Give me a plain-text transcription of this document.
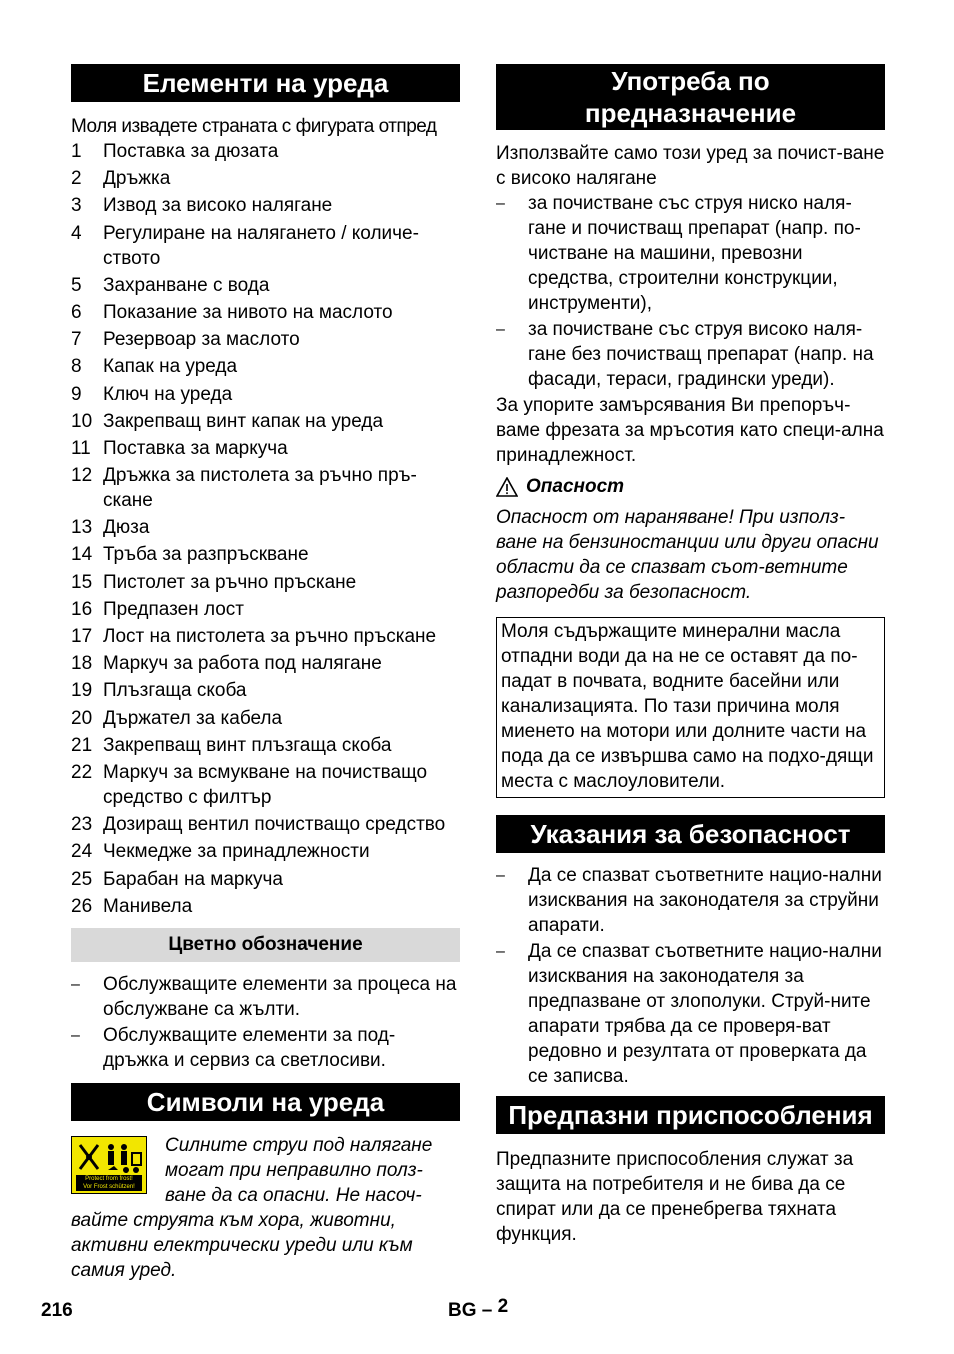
Елементи на уреда

Моля извадете страната с фигурата отпред

1	Поставка за дюзата
2	Дръжка
3	Извод за високо налягане
4	Регулиране на налягането / количе-ството
5	Захранване с вода
6	Показание за нивото на маслото
7	Резервоар за маслото
8	Капак на уреда
9	Ключ на уреда
10 Закрепващ винт капак на уреда
11 Поставка за маркуча
12 Дръжка за пистолета за ръчно пръ-скане
13 Дюза
14 Тръба за разпръскване
15 Пистолет за ръчно пръскане
16 Предпазен лост
17 Лост на пистолета за ръчно пръскане
18 Маркуч за работа под налягане
19 Плъзгаща скоба
20 Държател за кабела
21 Закрепващ винт плъзгаща скоба
22 Маркуч за всмукване на почистващо средство с филтър
23 Дозиращ вентил почистващо средство
24 Чекмедже за принадлежности
25 Барабан на маркуча
26 Манивела
Цветно обозначение
–	Обслужващите елементи за процеса на обслужване са жълти.
–	Обслужващите елементи за под-дръжка и сервиз са светлосиви.
Символи на уреда
Protect from frost!
Vor Frost schützen!

Силните струи под налягане могат при неправилно полз-ване да са опасни. Не насоч-вайте струята към хора, животни, активни електрически уреди или към самия уред.

Употреба по предназначение

Използвайте само този уред за почист-ване с високо налягане

–	за почистване със струя ниско наля-гане и почистващ препарат (напр. по-чистване на машини, превозни средства, строителни конструкции, инструменти),
–	за почистване със струя високо наля-гане без почистващ препарат (напр. на фасади, тераси, градински уреди).

За упорите замърсявания Ви препоръч-ваме фрезата за мръсотия като специ-ална принадлежност.

Опасност

Опасност от нараняване! При използ-ване на бензиностанции или други опасни области да се спазват съот-ветните разпоредби за безопасност.

Моля съдържащите минерални масла отпадни води да на не се оставят да по-падат в почвата, водните басейни или канализацията. По тази причина моля миенето на мотори или долните части на пода да се извършва само на подхо-дящи места с маслоуловители.
Указания за безопасност
–	Да се спазват съответните нацио-нални изисквания на законодателя за струйни апарати.
–	Да се спазват съответните нацио-нални изисквания на законодателя за предпазване от злополуки. Струй-ните апарати трябва да се проверя-ват редовно и резултата от проверката да се записва.
Предпазни приспособления

Предпазните приспособления служат за защита на потребителя и не бива да се спират или да се пренебрегва тяхната функция.

216	BG – 2
